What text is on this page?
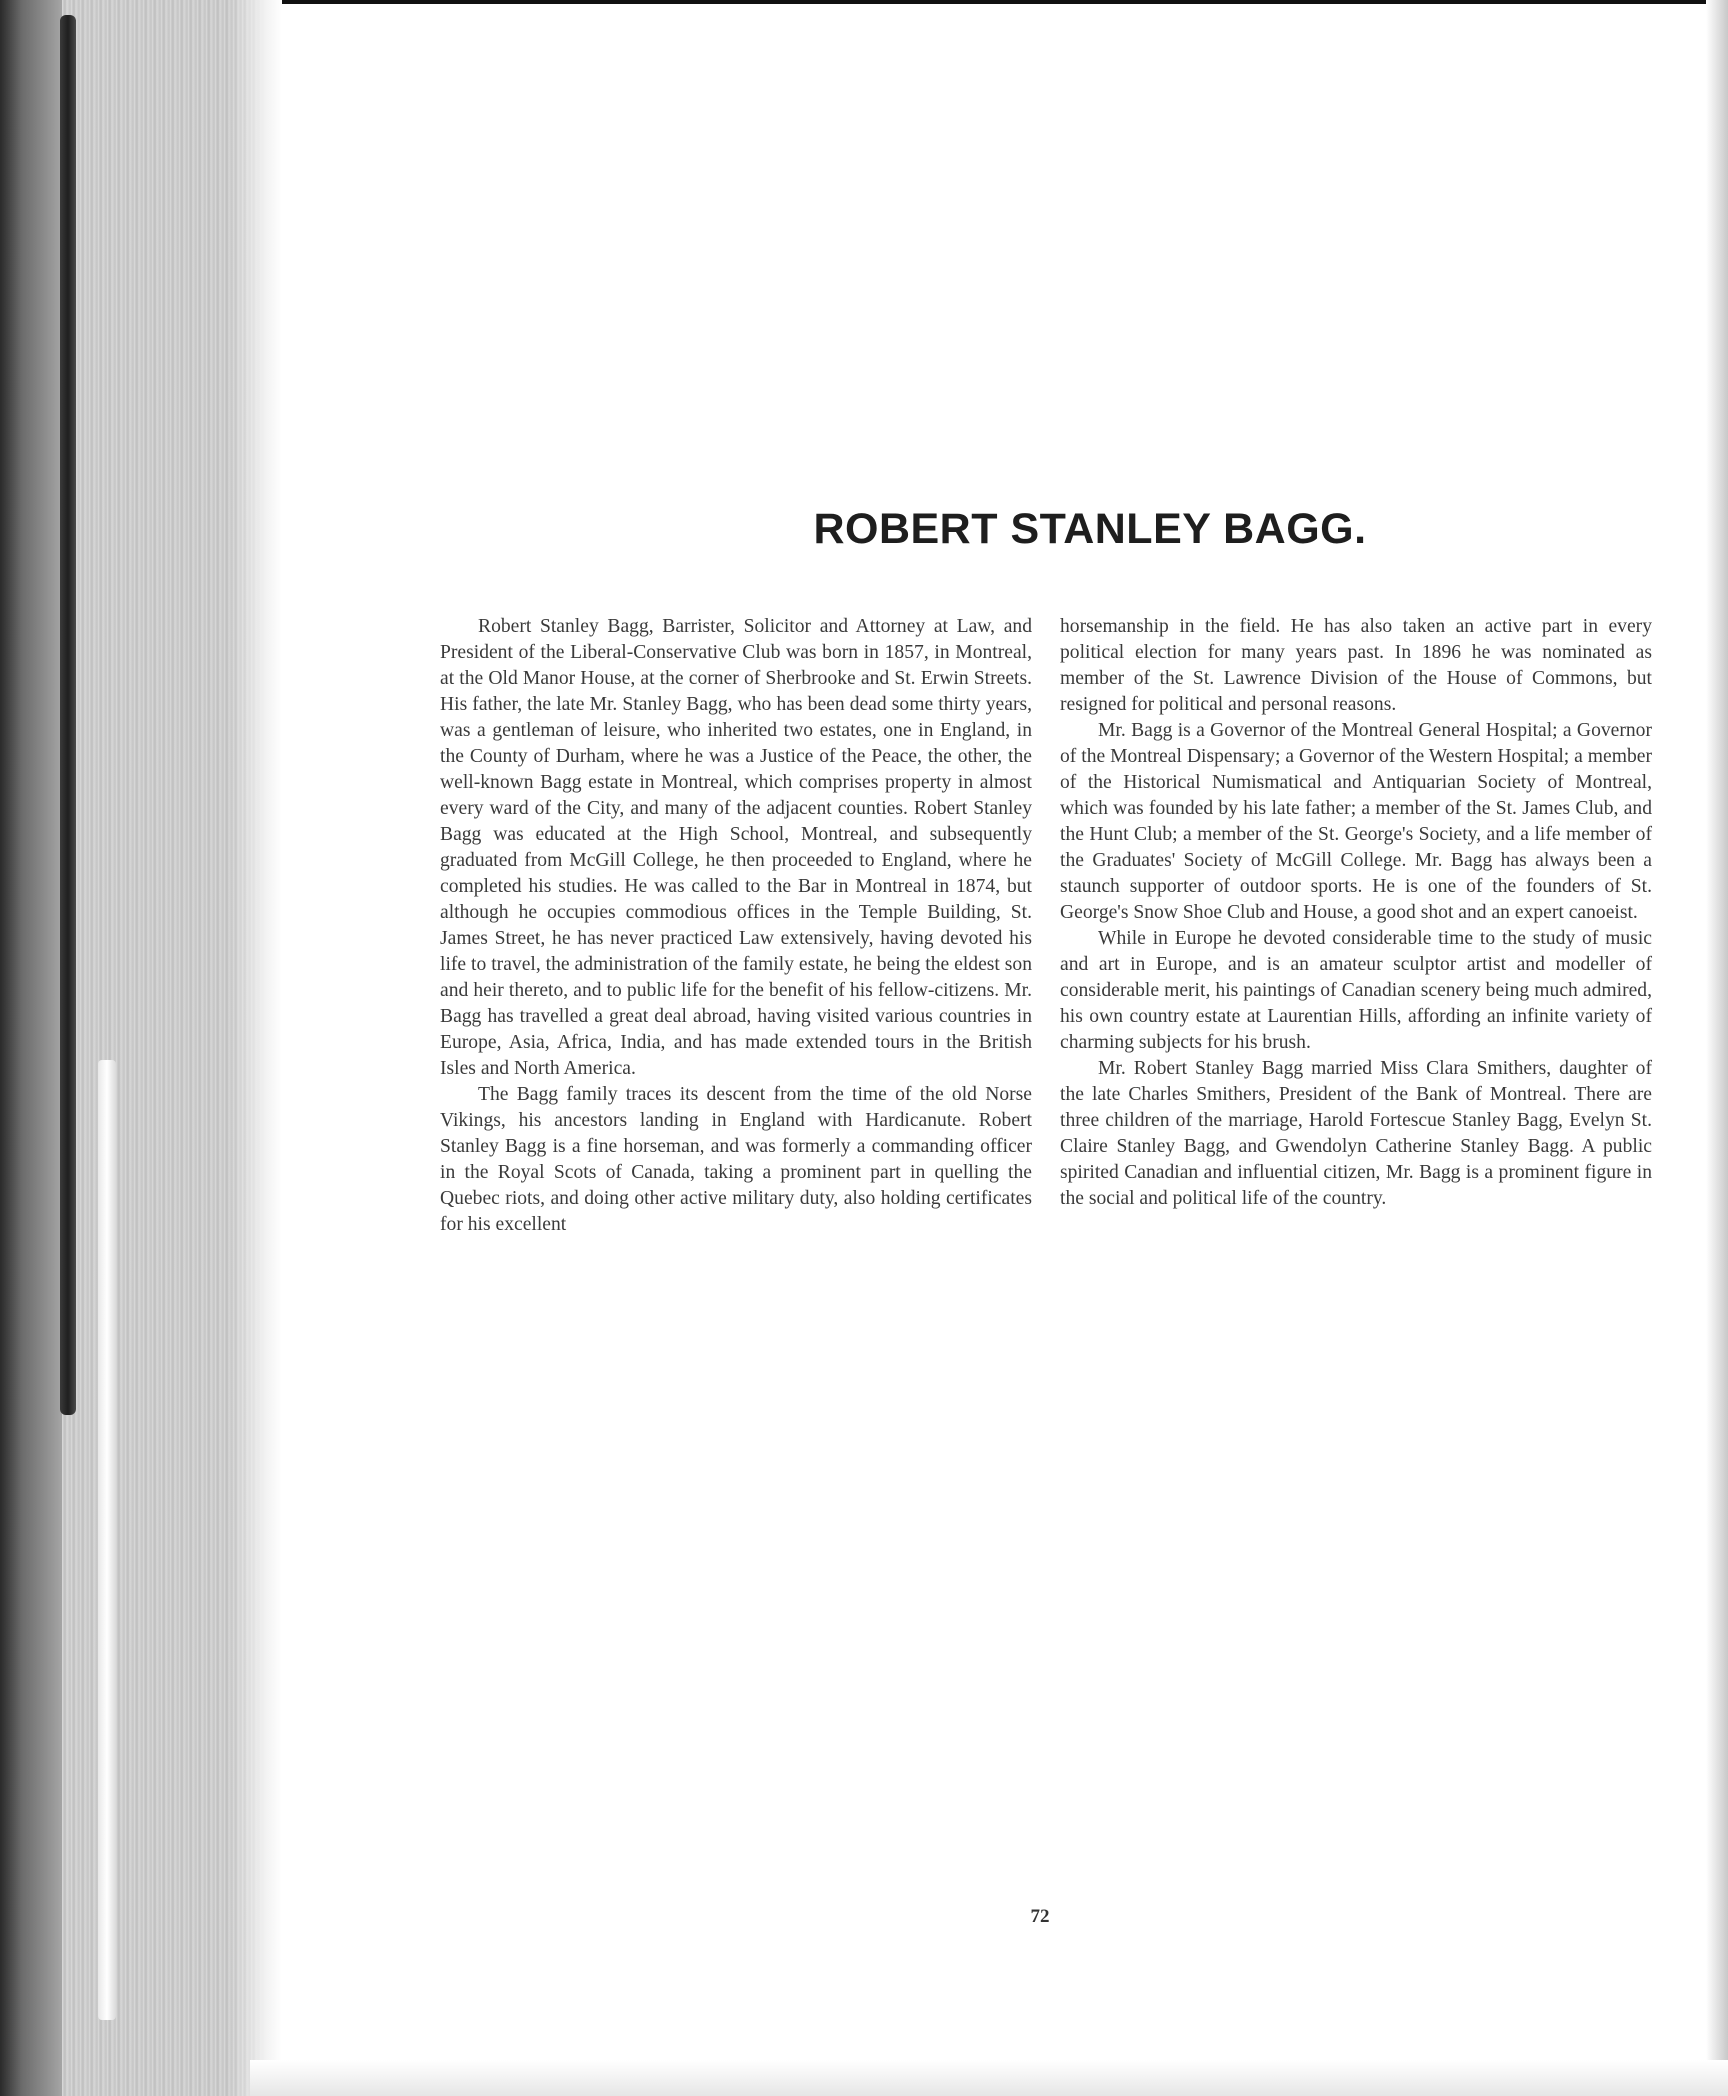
ROBERT STANLEY BAGG.

Robert Stanley Bagg, Barrister, Solicitor and Attorney at Law, and President of the Liberal-Conservative Club was born in 1857, in Montreal, at the Old Manor House, at the corner of Sherbrooke and St. Erwin Streets. His father, the late Mr. Stanley Bagg, who has been dead some thirty years, was a gentleman of leisure, who inherited two estates, one in England, in the County of Durham, where he was a Justice of the Peace, the other, the well-known Bagg estate in Montreal, which comprises property in almost every ward of the City, and many of the adjacent counties. Robert Stanley Bagg was educated at the High School, Montreal, and subsequently graduated from McGill College, he then proceeded to England, where he completed his studies. He was called to the Bar in Montreal in 1874, but although he occupies commodious offices in the Temple Building, St. James Street, he has never practiced Law extensively, having devoted his life to travel, the administration of the family estate, he being the eldest son and heir thereto, and to public life for the benefit of his fellow-citizens. Mr. Bagg has travelled a great deal abroad, having visited various countries in Europe, Asia, Africa, India, and has made extended tours in the British Isles and North America.

The Bagg family traces its descent from the time of the old Norse Vikings, his ancestors landing in England with Hardicanute. Robert Stanley Bagg is a fine horseman, and was formerly a commanding officer in the Royal Scots of Canada, taking a prominent part in quelling the Quebec riots, and doing other active military duty, also holding certificates for his excellent

horsemanship in the field. He has also taken an active part in every political election for many years past. In 1896 he was nominated as member of the St. Lawrence Division of the House of Commons, but resigned for political and personal reasons.

Mr. Bagg is a Governor of the Montreal General Hospital; a Governor of the Montreal Dispensary; a Governor of the Western Hospital; a member of the Historical Numismatical and Antiquarian Society of Montreal, which was founded by his late father; a member of the St. James Club, and the Hunt Club; a member of the St. George's Society, and a life member of the Graduates' Society of McGill College. Mr. Bagg has always been a staunch supporter of outdoor sports. He is one of the founders of St. George's Snow Shoe Club and House, a good shot and an expert canoeist.

While in Europe he devoted considerable time to the study of music and art in Europe, and is an amateur sculptor artist and modeller of considerable merit, his paintings of Canadian scenery being much admired, his own country estate at Laurentian Hills, affording an infinite variety of charming subjects for his brush.

Mr. Robert Stanley Bagg married Miss Clara Smithers, daughter of the late Charles Smithers, President of the Bank of Montreal. There are three children of the marriage, Harold Fortescue Stanley Bagg, Evelyn St. Claire Stanley Bagg, and Gwendolyn Catherine Stanley Bagg. A public spirited Canadian and influential citizen, Mr. Bagg is a prominent figure in the social and political life of the country.

72
